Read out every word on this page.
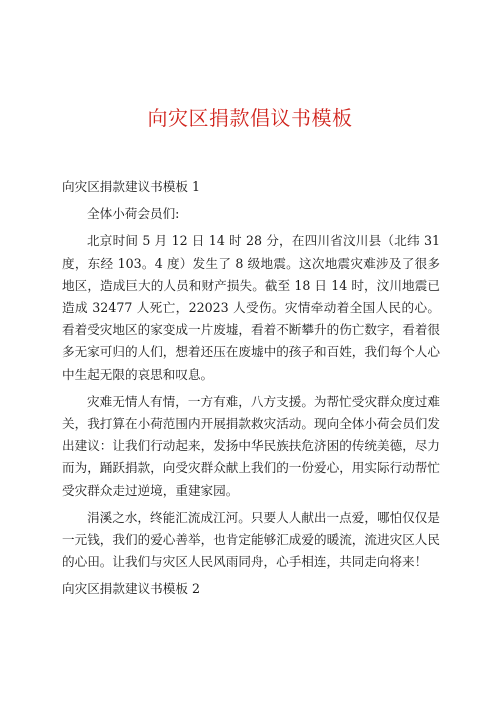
向灾区捐款倡议书模板
向灾区捐款建议书模板 1
全体小荷会员们:
北京时间 5 月 12 日 14 时 28 分，在四川省汶川县（北纬 31 度，东经 103。4 度）发生了 8 级地震。这次地震灾难涉及了很多地区，造成巨大的人员和财产损失。截至 18 日 14 时，汶川地震已造成 32477 人死亡，22023 人受伤。灾情牵动着全国人民的心。看着受灾地区的家变成一片废墟，看着不断攀升的伤亡数字，看着很多无家可归的人们，想着还压在废墟中的孩子和百姓，我们每个人心中生起无限的哀思和叹息。
灾难无情人有情，一方有难，八方支援。为帮忙受灾群众度过难关，我打算在小荷范围内开展捐款救灾活动。现向全体小荷会员们发出建议：让我们行动起来，发扬中华民族扶危济困的传统美德，尽力而为，踊跃捐款，向受灾群众献上我们的一份爱心，用实际行动帮忙受灾群众走过逆境，重建家园。
涓溪之水，终能汇流成江河。只要人人献出一点爱，哪怕仅仅是一元钱，我们的爱心善举，也肯定能够汇成爱的暖流，流进灾区人民的心田。让我们与灾区人民风雨同舟，心手相连，共同走向将来！
向灾区捐款建议书模板 2
